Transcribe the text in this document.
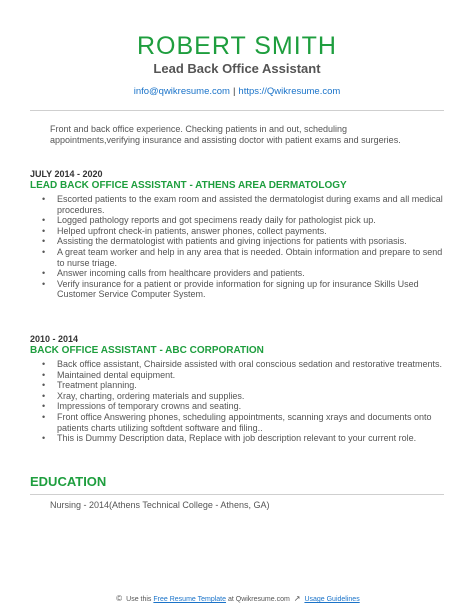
ROBERT SMITH
Lead Back Office Assistant
info@qwikresume.com | https://Qwikresume.com
Front and back office experience. Checking patients in and out, scheduling appointments,verifying insurance and assisting doctor with patient exams and surgeries.
JULY 2014 - 2020
LEAD BACK OFFICE ASSISTANT - ATHENS AREA DERMATOLOGY
• Escorted patients to the exam room and assisted the dermatologist during exams and all medical procedures.
• Logged pathology reports and got specimens ready daily for pathologist pick up.
• Helped upfront check-in patients, answer phones, collect payments.
• Assisting the dermatologist with patients and giving injections for patients with psoriasis.
• A great team worker and help in any area that is needed. Obtain information and prepare to send to nurse triage.
• Answer incoming calls from healthcare providers and patients.
• Verify insurance for a patient or provide information for signing up for insurance Skills Used Customer Service Computer System.
2010 - 2014
BACK OFFICE ASSISTANT - ABC CORPORATION
• Back office assistant, Chairside assisted with oral conscious sedation and restorative treatments.
• Maintained dental equipment.
• Treatment planning.
• Xray, charting, ordering materials and supplies.
• Impressions of temporary crowns and seating.
• Front office Answering phones, scheduling appointments, scanning xrays and documents onto patients charts utilizing softdent software and filing..
• This is Dummy Description data, Replace with job description relevant to your current role.
EDUCATION
Nursing - 2014(Athens Technical College - Athens, GA)
© Use this Free Resume Template at Qwikresume.com ↗ Usage Guidelines
